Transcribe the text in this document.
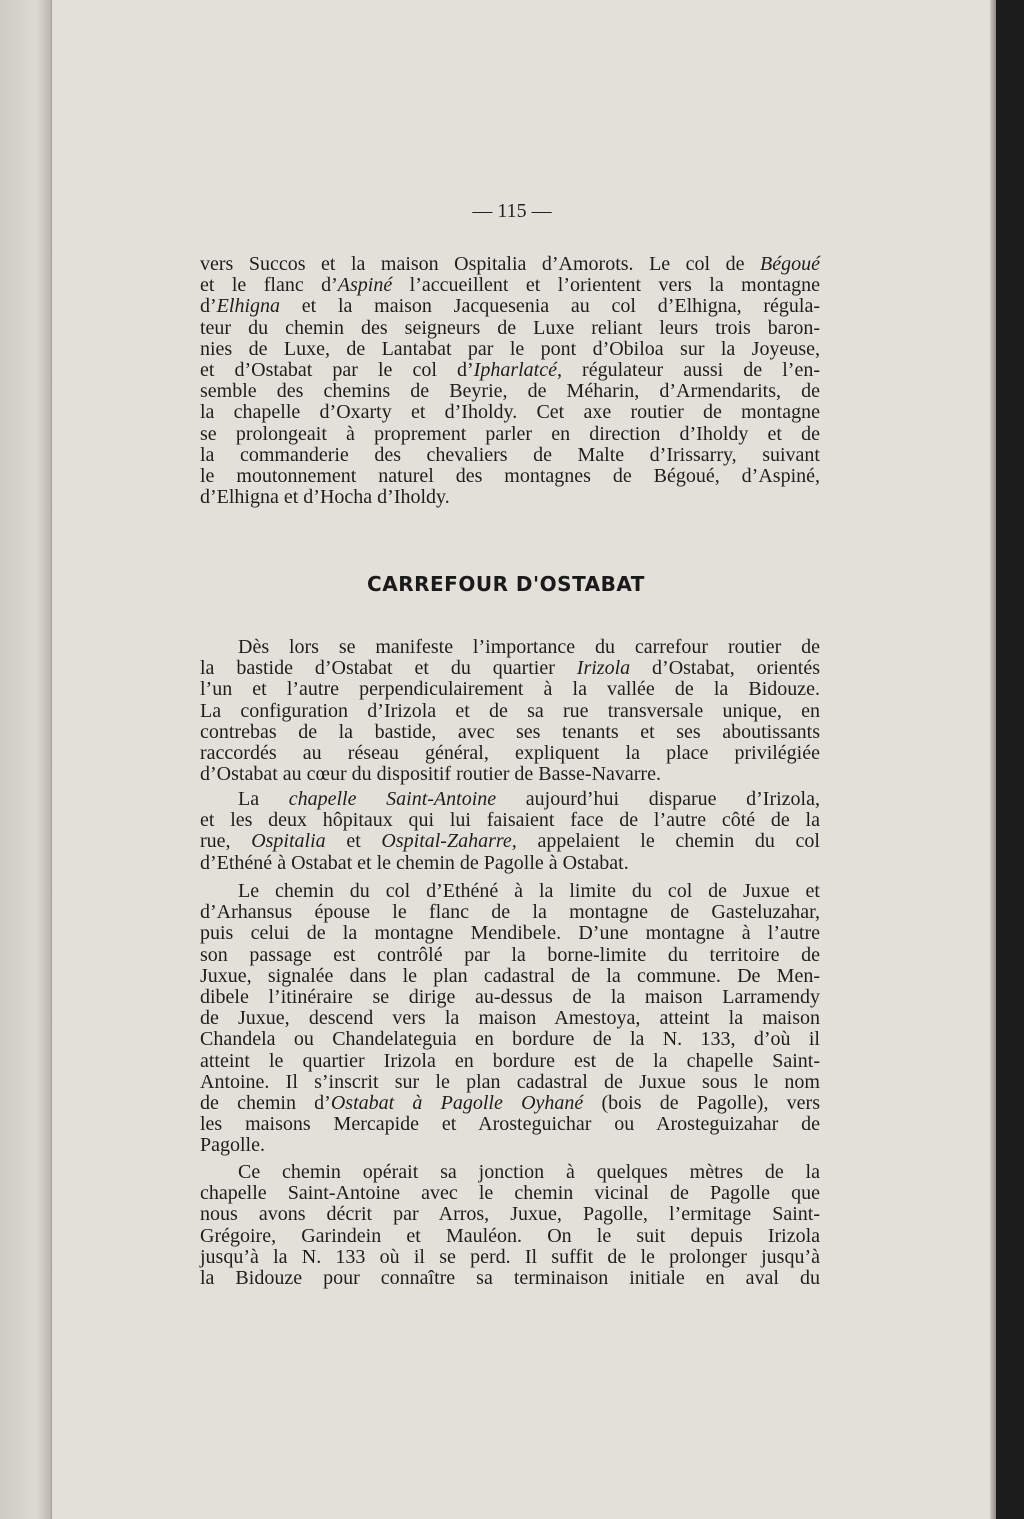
— 115 —
CARREFOUR D'OSTABAT
vers Succos et la maison Ospitalia d’Amorots. Le col de Bégoué
et le flanc d’Aspiné l’accueillent et l’orientent vers la montagne
d’Elhigna et la maison Jacquesenia au col d’Elhigna, régula-
teur du chemin des seigneurs de Luxe reliant leurs trois baron-
nies de Luxe, de Lantabat par le pont d’Obiloa sur la Joyeuse,
et d’Ostabat par le col d’Ipharlatcé, régulateur aussi de l’en-
semble des chemins de Beyrie, de Méharin, d’Armendarits, de
la chapelle d’Oxarty et d’Iholdy. Cet axe routier de montagne
se prolongeait à proprement parler en direction d’Iholdy et de
la commanderie des chevaliers de Malte d’Irissarry, suivant
le moutonnement naturel des montagnes de Bégoué, d’Aspiné,
d’Elhigna et d’Hocha d’Iholdy.
Dès lors se manifeste l’importance du carrefour routier de
la bastide d’Ostabat et du quartier Irizola d’Ostabat, orientés
l’un et l’autre perpendiculairement à la vallée de la Bidouze.
La configuration d’Irizola et de sa rue transversale unique, en
contrebas de la bastide, avec ses tenants et ses aboutissants
raccordés au réseau général, expliquent la place privilégiée
d’Ostabat au cœur du dispositif routier de Basse-Navarre.
La chapelle Saint-Antoine aujourd’hui disparue d’Irizola,
et les deux hôpitaux qui lui faisaient face de l’autre côté de la
rue, Ospitalia et Ospital-Zaharre, appelaient le chemin du col
d’Ethéné à Ostabat et le chemin de Pagolle à Ostabat.
Le chemin du col d’Ethéné à la limite du col de Juxue et
d’Arhansus épouse le flanc de la montagne de Gasteluzahar,
puis celui de la montagne Mendibele. D’une montagne à l’autre
son passage est contrôlé par la borne-limite du territoire de
Juxue, signalée dans le plan cadastral de la commune. De Men-
dibele l’itinéraire se dirige au-dessus de la maison Larramendy
de Juxue, descend vers la maison Amestoya, atteint la maison
Chandela ou Chandelateguia en bordure de la N. 133, d’où il
atteint le quartier Irizola en bordure est de la chapelle Saint-
Antoine. Il s’inscrit sur le plan cadastral de Juxue sous le nom
de chemin d’Ostabat à Pagolle Oyhané (bois de Pagolle), vers
les maisons Mercapide et Arosteguichar ou Arosteguizahar de
Pagolle.
Ce chemin opérait sa jonction à quelques mètres de la
chapelle Saint-Antoine avec le chemin vicinal de Pagolle que
nous avons décrit par Arros, Juxue, Pagolle, l’ermitage Saint-
Grégoire, Garindein et Mauléon. On le suit depuis Irizola
jusqu’à la N. 133 où il se perd. Il suffit de le prolonger jusqu’à
la Bidouze pour connaître sa terminaison initiale en aval du
